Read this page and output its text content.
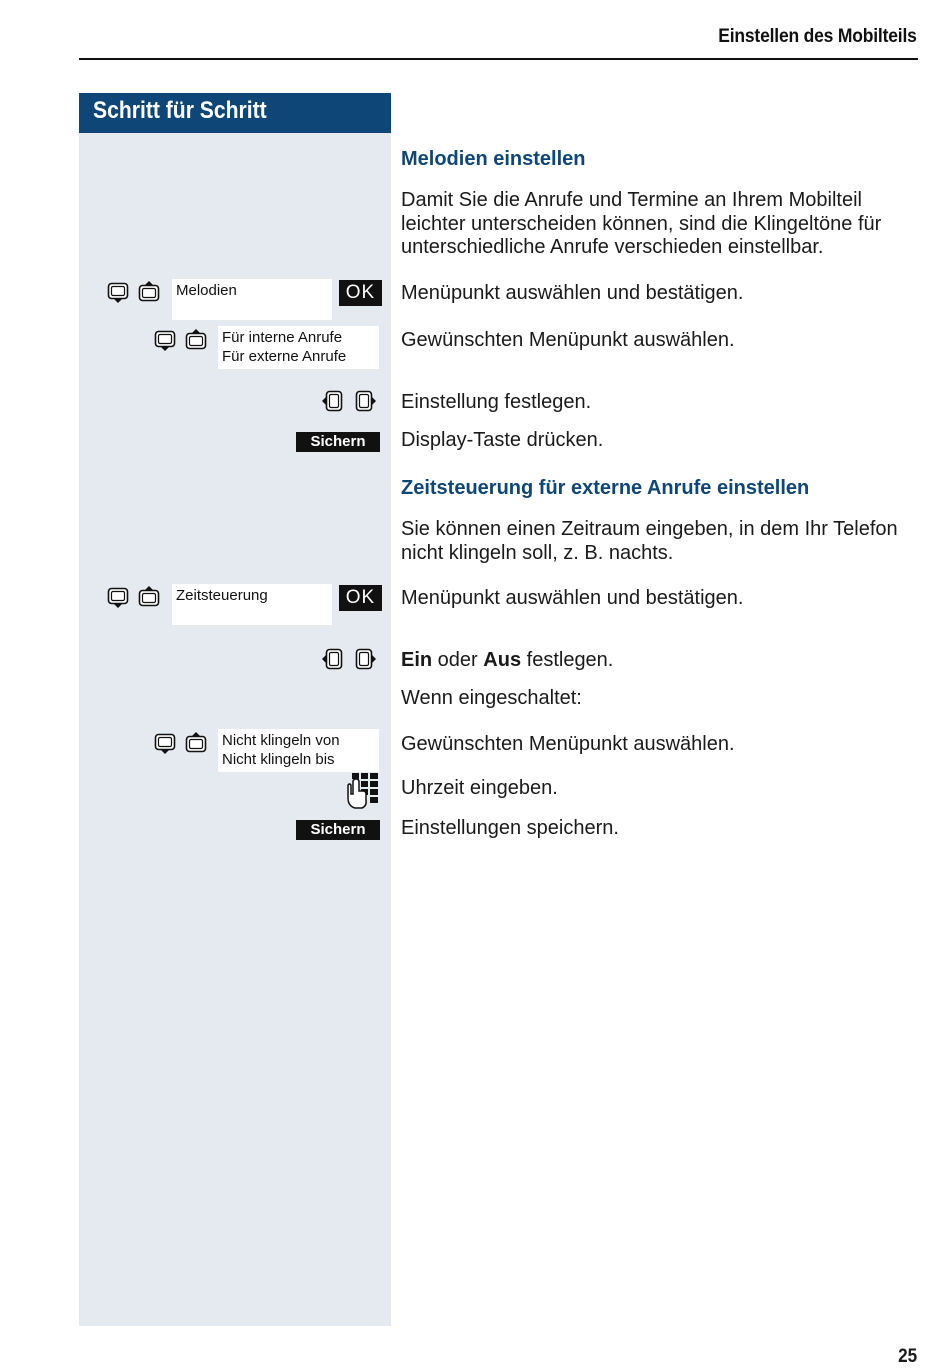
Einstellen des Mobilteils
Schritt für Schritt
Melodien einstellen
Damit Sie die Anrufe und Termine an Ihrem Mobilteil leichter unterscheiden können, sind die Klingeltöne für unterschiedliche Anrufe verschieden einstellbar.
Menüpunkt auswählen und bestätigen.
Gewünschten Menüpunkt auswählen.
Einstellung festlegen.
Display-Taste drücken.
Zeitsteuerung für externe Anrufe einstellen
Sie können einen Zeitraum eingeben, in dem Ihr Telefon nicht klingeln soll, z. B. nachts.
Menüpunkt auswählen und bestätigen.
Ein oder Aus festlegen.
Wenn eingeschaltet:
Gewünschten Menüpunkt auswählen.
Uhrzeit eingeben.
Einstellungen speichern.
Melodien	OK
Für interne Anrufe
Für externe Anrufe
Sichern
Zeitsteuerung	OK
Nicht klingeln von
Nicht klingeln bis
Sichern
25
